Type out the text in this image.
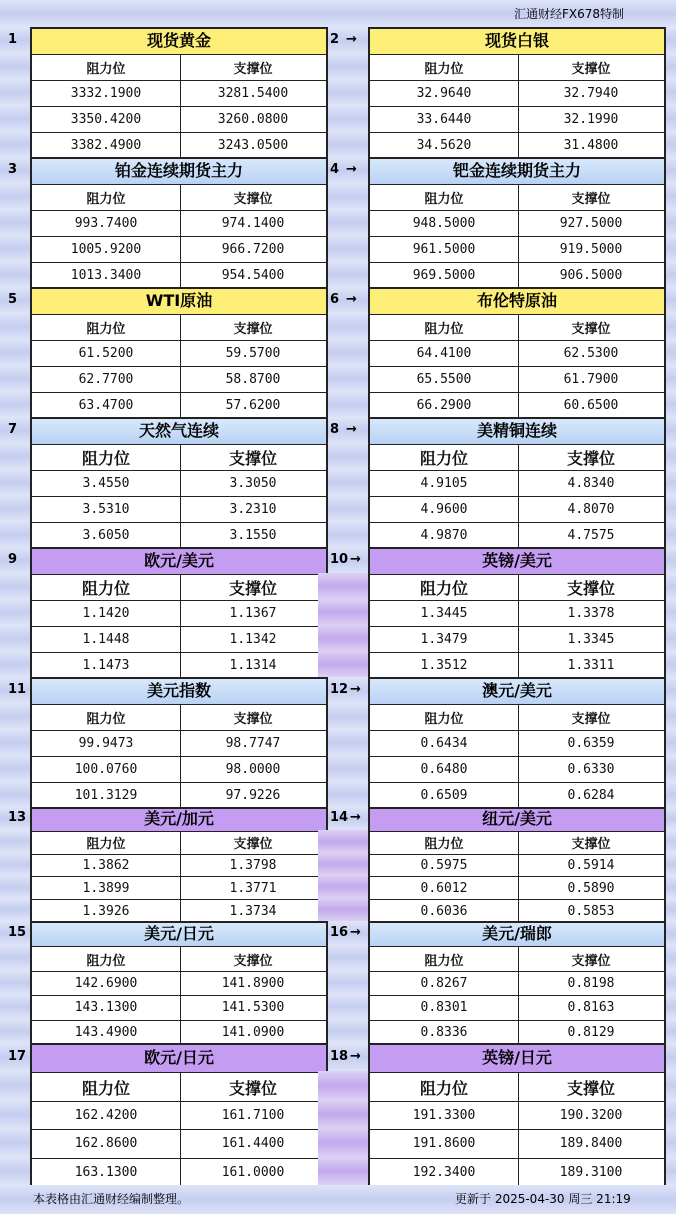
汇通财经FX678特制
1	现货黄金
阻力位	支撑位
3332.1900	3281.5400
3350.4200	3260.0800
3382.4900	3243.0500
2 →	现货白银
阻力位	支撑位
32.9640	32.7940
33.6440	32.1990
34.5620	31.4800
3	铂金连续期货主力
阻力位	支撑位
993.7400	974.1400
1005.9200	966.7200
1013.3400	954.5400
4 →	钯金连续期货主力
阻力位	支撑位
948.5000	927.5000
961.5000	919.5000
969.5000	906.5000
5	WTI原油
阻力位	支撑位
61.5200	59.5700
62.7700	58.8700
63.4700	57.6200
6 →	布伦特原油
阻力位	支撑位
64.4100	62.5300
65.5500	61.7900
66.2900	60.6500
7	天然气连续
阻力位	支撑位
3.4550	3.3050
3.5310	3.2310
3.6050	3.1550
8 →	美精铜连续
阻力位	支撑位
4.9105	4.8340
4.9600	4.8070
4.9870	4.7575
9	欧元/美元
阻力位	支撑位
1.1420	1.1367
1.1448	1.1342
1.1473	1.1314
10 →	英镑/美元
阻力位	支撑位
1.3445	1.3378
1.3479	1.3345
1.3512	1.3311
11	美元指数
阻力位	支撑位
99.9473	98.7747
100.0760	98.0000
101.3129	97.9226
12 →	澳元/美元
阻力位	支撑位
0.6434	0.6359
0.6480	0.6330
0.6509	0.6284
13	美元/加元
阻力位	支撑位
1.3862	1.3798
1.3899	1.3771
1.3926	1.3734
14 →	纽元/美元
阻力位	支撑位
0.5975	0.5914
0.6012	0.5890
0.6036	0.5853
15	美元/日元
阻力位	支撑位
142.6900	141.8900
143.1300	141.5300
143.4900	141.0900
16 →	美元/瑞郎
阻力位	支撑位
0.8267	0.8198
0.8301	0.8163
0.8336	0.8129
17	欧元/日元
阻力位	支撑位
162.4200	161.7100
162.8600	161.4400
163.1300	161.0000
18 →	英镑/日元
阻力位	支撑位
191.3300	190.3200
191.8600	189.8400
192.3400	189.3100
本表格由汇通财经编制整理。	更新于 2025-04-30 周三 21:19
